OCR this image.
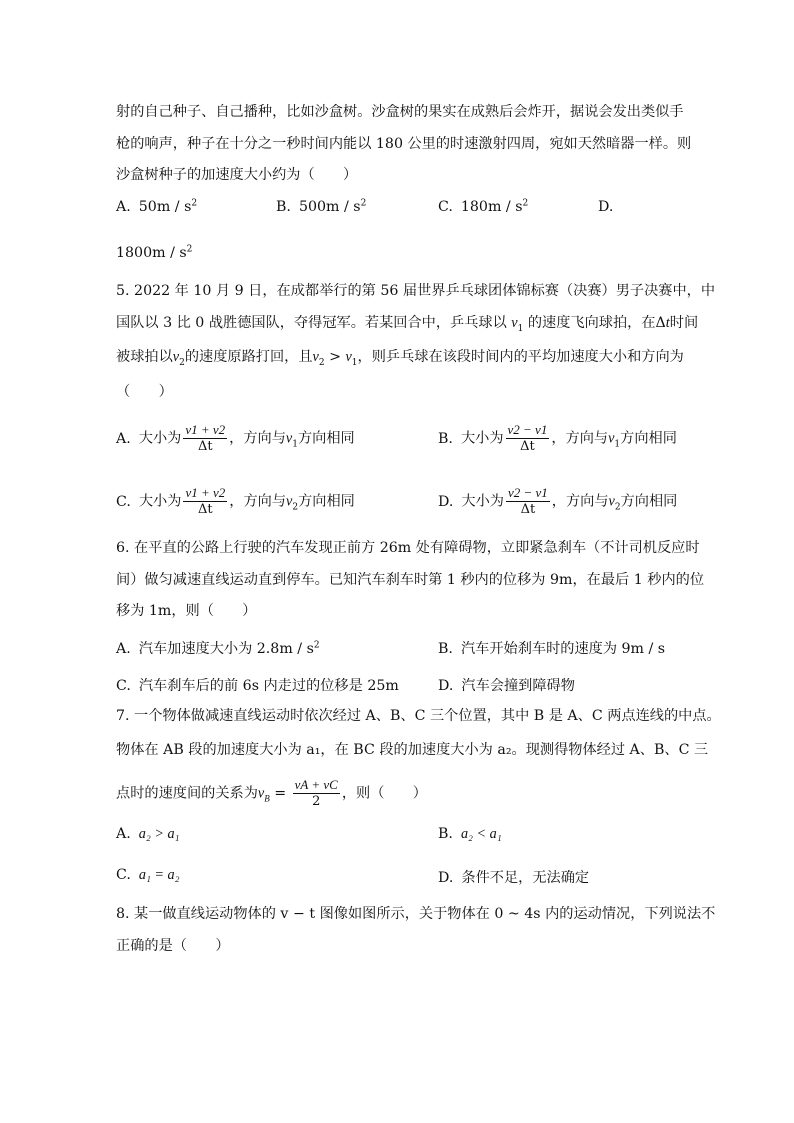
射的自己种子、自己播种，比如沙盒树。沙盒树的果实在成熟后会炸开，据说会发出类似手
枪的响声，种子在十分之一秒时间内能以 180 公里的时速激射四周，宛如天然暗器一样。则
沙盒树种子的加速度大小约为（　　）
A. $50m / s^2$	B. $500m / s^2$	C. $180m / s^2$	D.
$1800m / s^2$
5. 2022 年 10 月 9 日，在成都举行的第 56 届世界乒乓球团体锦标赛（决赛）男子决赛中，中
国队以 3 比 0 战胜德国队，夺得冠军。若某回合中，乒乓球以 $v_1$ 的速度飞向球拍，在Δt时间
被球拍以$v_2$的速度原路打回，且$v_2 > v_1$，则乒乓球在该段时间内的平均加速度大小和方向为
（　　）
A. 大小为 $\frac{v1 + v2}{\Delta t}$ ，方向与$v_1$方向相同	B. 大小为 $\frac{v2 - v1}{\Delta t}$ ，方向与$v_1$方向相同
C. 大小为 $\frac{v1 + v2}{\Delta t}$ ，方向与$v_2$方向相同	D. 大小为 $\frac{v2 - v1}{\Delta t}$ ，方向与$v_2$方向相同
6. 在平直的公路上行驶的汽车发现正前方 26m 处有障碍物，立即紧急刹车（不计司机反应时
间）做匀减速直线运动直到停车。已知汽车刹车时第 1 秒内的位移为 9m，在最后 1 秒内的位
移为 1m，则（　　）
A. 汽车加速度大小为 $2.8m / s^2$	B. 汽车开始刹车时的速度为 9m / s
C. 汽车刹车后的前 6s 内走过的位移是 25m	D. 汽车会撞到障碍物
7. 一个物体做减速直线运动时依次经过 A、B、C 三个位置，其中 B 是 A、C 两点连线的中点。
物体在 AB 段的加速度大小为 a₁，在 BC 段的加速度大小为 a₂。现测得物体经过 A、B、C 三
点时的速度间的关系为$v_B = \frac{vA + vC}{2}$ ，则（　　）
A. a₂ > a₁	B. a₂ < a₁
C. a₁ = a₂	D. 条件不足，无法确定
8. 某一做直线运动物体的 v − t 图像如图所示，关于物体在 0 ~ 4s 内的运动情况，下列说法不
正确的是（　　）
